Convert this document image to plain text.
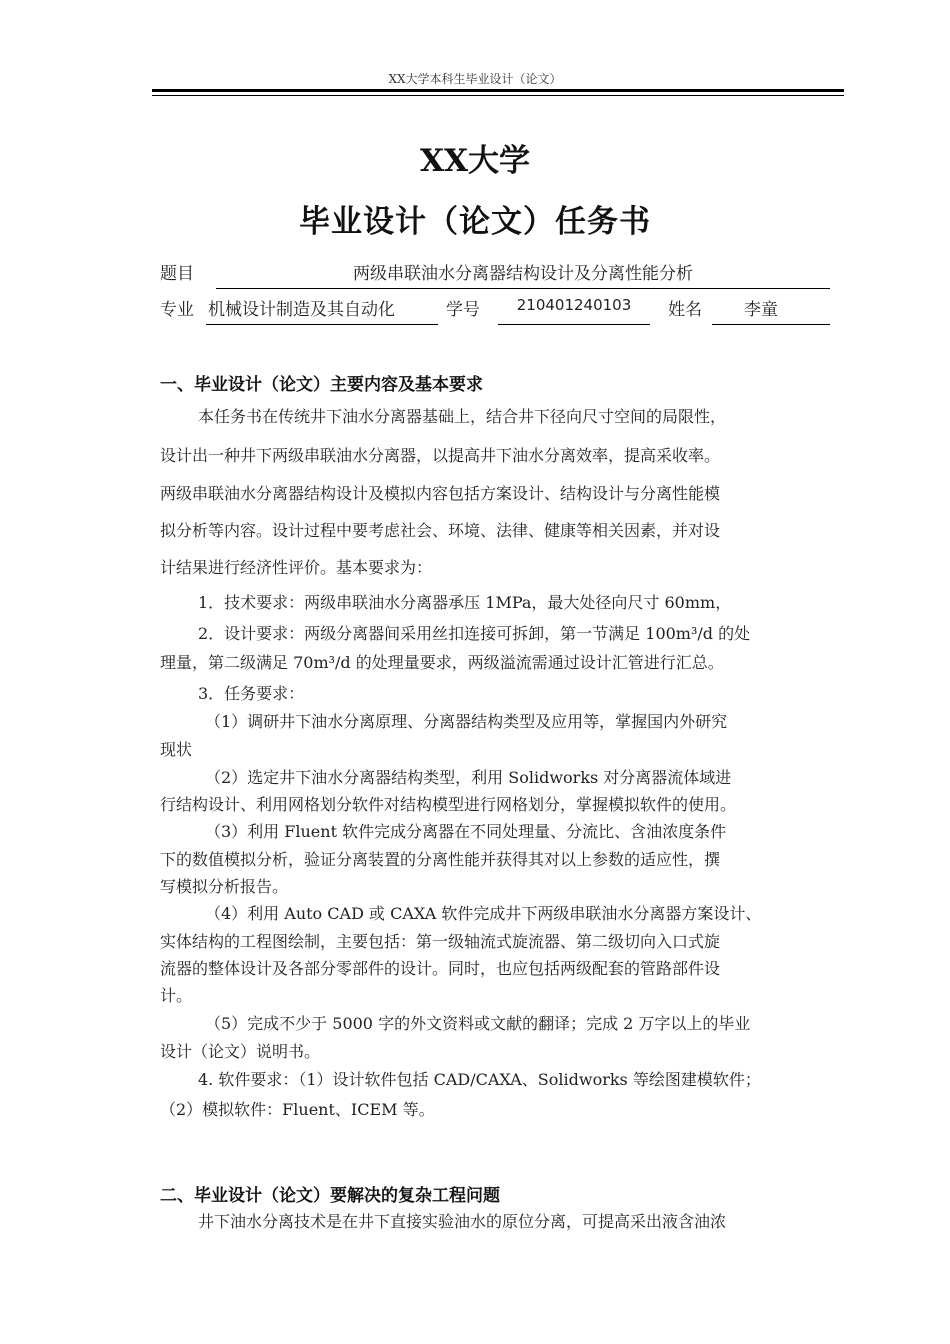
XX大学本科生毕业设计（论文）
XX大学
毕业设计（论文）任务书
题目	两级串联油水分离器结构设计及分离性能分析
专业 机械设计制造及其自动化	学号	210401240103	姓名 李童
一、毕业设计（论文）主要内容及基本要求
本任务书在传统井下油水分离器基础上，结合井下径向尺寸空间的局限性，
设计出一种井下两级串联油水分离器，以提高井下油水分离效率，提高采收率。
两级串联油水分离器结构设计及模拟内容包括方案设计、结构设计与分离性能模
拟分析等内容。设计过程中要考虑社会、环境、法律、健康等相关因素，并对设
计结果进行经济性评价。基本要求为：
1．技术要求：两级串联油水分离器承压 1MPa，最大处径向尺寸 60mm，
2．设计要求：两级分离器间采用丝扣连接可拆卸，第一节满足 100m³/d 的处
理量，第二级满足 70m³/d 的处理量要求，两级溢流需通过设计汇管进行汇总。
3．任务要求：
（1）调研井下油水分离原理、分离器结构类型及应用等，掌握国内外研究
现状
（2）选定井下油水分离器结构类型，利用 Solidworks 对分离器流体域进
行结构设计、利用网格划分软件对结构模型进行网格划分，掌握模拟软件的使用。
（3）利用 Fluent 软件完成分离器在不同处理量、分流比、含油浓度条件
下的数值模拟分析，验证分离装置的分离性能并获得其对以上参数的适应性，撰
写模拟分析报告。
（4）利用 Auto CAD 或 CAXA 软件完成井下两级串联油水分离器方案设计、
实体结构的工程图绘制，主要包括：第一级轴流式旋流器、第二级切向入口式旋
流器的整体设计及各部分零部件的设计。同时，也应包括两级配套的管路部件设
计。
（5）完成不少于 5000 字的外文资料或文献的翻译；完成 2 万字以上的毕业
设计（论文）说明书。
4. 软件要求：（1）设计软件包括 CAD/CAXA、Solidworks 等绘图建模软件；
（2）模拟软件：Fluent、ICEM 等。
二、毕业设计（论文）要解决的复杂工程问题
井下油水分离技术是在井下直接实验油水的原位分离，可提高采出液含油浓
